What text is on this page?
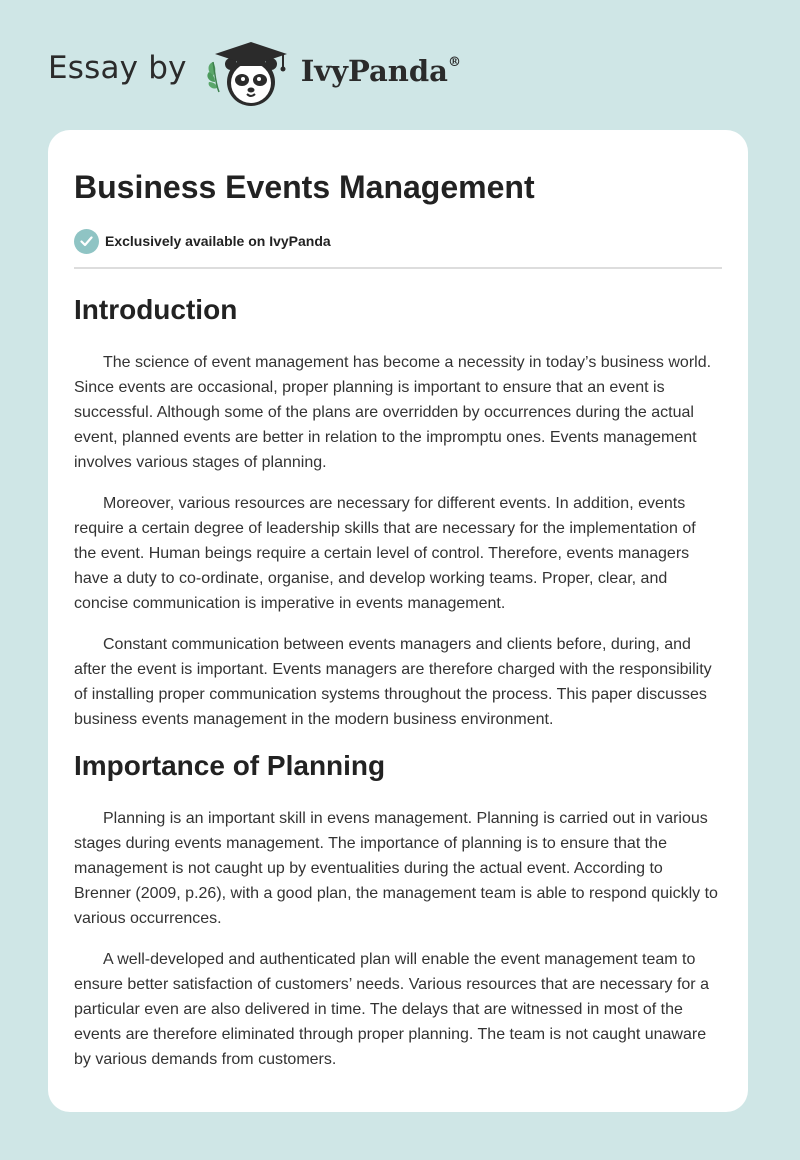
Essay by	IvyPanda®
Business Events Management
Exclusively available on IvyPanda
Introduction

The science of event management has become a necessity in today’s business world. Since events are occasional, proper planning is important to ensure that an event is successful. Although some of the plans are overridden by occurrences during the actual event, planned events are better in relation to the impromptu ones. Events management involves various stages of planning.

Moreover, various resources are necessary for different events. In addition, events require a certain degree of leadership skills that are necessary for the implementation of the event. Human beings require a certain level of control. Therefore, events managers have a duty to co-ordinate, organise, and develop working teams. Proper, clear, and concise communication is imperative in events management.

Constant communication between events managers and clients before, during, and after the event is important. Events managers are therefore charged with the responsibility of installing proper communication systems throughout the process. This paper discusses business events management in the modern business environment.

Importance of Planning

Planning is an important skill in evens management. Planning is carried out in various stages during events management. The importance of planning is to ensure that the management is not caught up by eventualities during the actual event. According to Brenner (2009, p.26), with a good plan, the management team is able to respond quickly to various occurrences.

A well-developed and authenticated plan will enable the event management team to ensure better satisfaction of customers’ needs. Various resources that are necessary for a particular even are also delivered in time. The delays that are witnessed in most of the events are therefore eliminated through proper planning. The team is not caught unaware by various demands from customers.
